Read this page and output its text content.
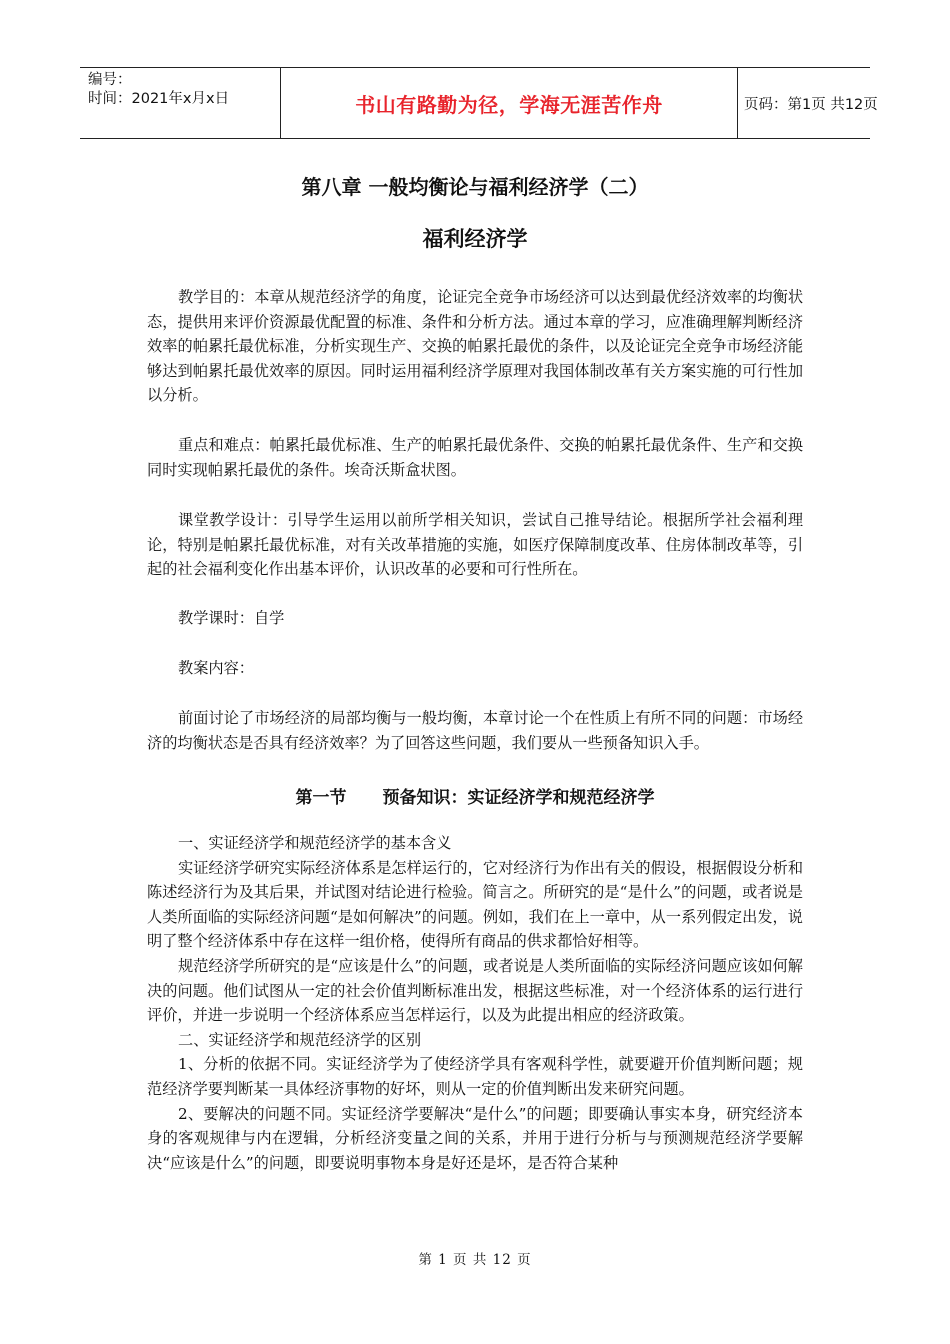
编号：
时间：2021年x月x日	书山有路勤为径，学海无涯苦作舟	页码：第1页 共12页
第八章 一般均衡论与福利经济学（二）
福利经济学

教学目的：本章从规范经济学的角度，论证完全竞争市场经济可以达到最优经济效率的均衡状态，提供用来评价资源最优配置的标准、条件和分析方法。通过本章的学习，应准确理解判断经济效率的帕累托最优标准，分析实现生产、交换的帕累托最优的条件，以及论证完全竞争市场经济能够达到帕累托最优效率的原因。同时运用福利经济学原理对我国体制改革有关方案实施的可行性加以分析。

重点和难点：帕累托最优标准、生产的帕累托最优条件、交换的帕累托最优条件、生产和交换同时实现帕累托最优的条件。埃奇沃斯盒状图。

课堂教学设计：引导学生运用以前所学相关知识，尝试自己推导结论。根据所学社会福利理论，特别是帕累托最优标准，对有关改革措施的实施，如医疗保障制度改革、住房体制改革等，引起的社会福利变化作出基本评价，认识改革的必要和可行性所在。

教学课时：自学

教案内容：

前面讨论了市场经济的局部均衡与一般均衡，本章讨论一个在性质上有所不同的问题：市场经济的均衡状态是否具有经济效率？为了回答这些问题，我们要从一些预备知识入手。

第一节 预备知识：实证经济学和规范经济学

一、实证经济学和规范经济学的基本含义

实证经济学研究实际经济体系是怎样运行的，它对经济行为作出有关的假设，根据假设分析和陈述经济行为及其后果，并试图对结论进行检验。简言之。所研究的是“是什么”的问题，或者说是人类所面临的实际经济问题“是如何解决”的问题。例如，我们在上一章中，从一系列假定出发，说明了整个经济体系中存在这样一组价格，使得所有商品的供求都恰好相等。

规范经济学所研究的是“应该是什么”的问题，或者说是人类所面临的实际经济问题应该如何解决的问题。他们试图从一定的社会价值判断标准出发，根据这些标准，对一个经济体系的运行进行评价，并进一步说明一个经济体系应当怎样运行，以及为此提出相应的经济政策。

二、实证经济学和规范经济学的区别

1、分析的依据不同。实证经济学为了使经济学具有客观科学性，就要避开价值判断问题；规范经济学要判断某一具体经济事物的好坏，则从一定的价值判断出发来研究问题。

2、要解决的问题不同。实证经济学要解决“是什么”的问题；即要确认事实本身，研究经济本身的客观规律与内在逻辑，分析经济变量之间的关系，并用于进行分析与与预测规范经济学要解决“应该是什么”的问题，即要说明事物本身是好还是坏，是否符合某种

第 1 页 共 12 页
